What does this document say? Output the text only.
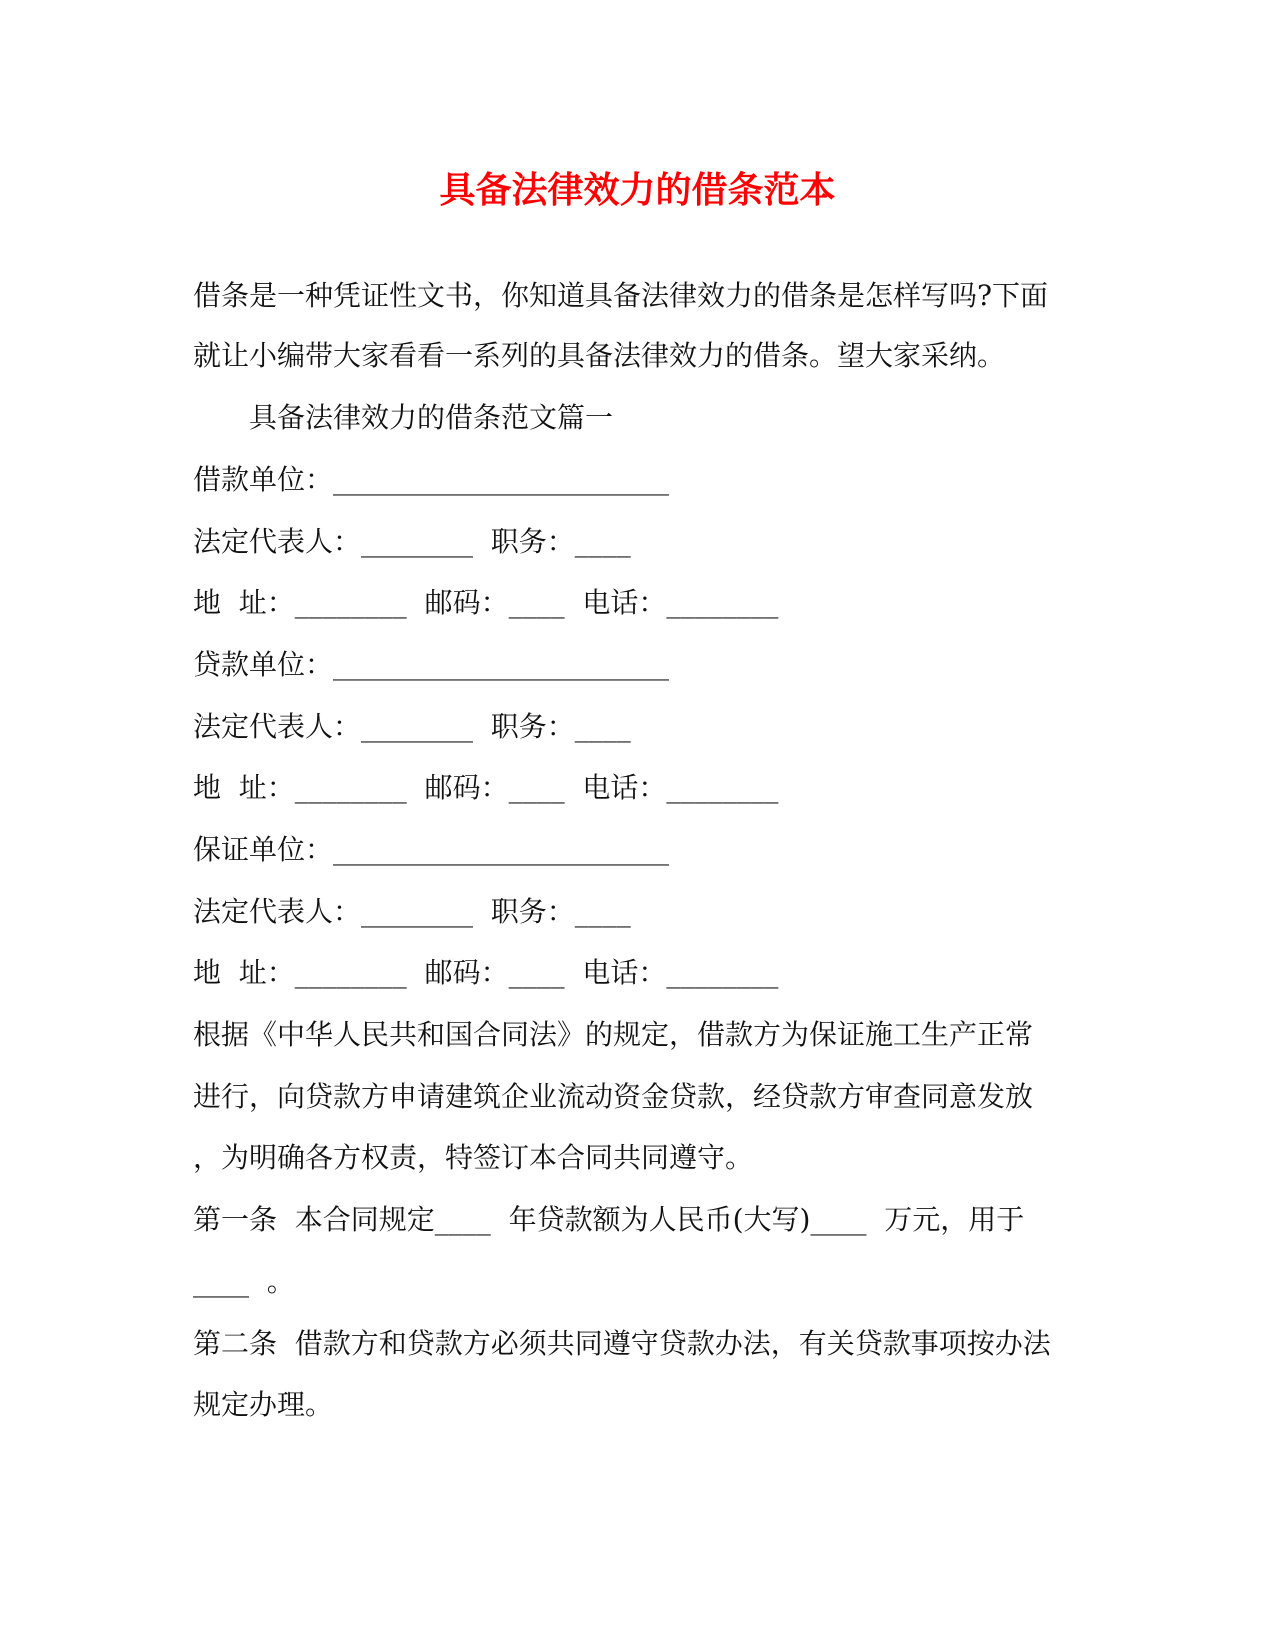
具备法律效力的借条范本
借条是一种凭证性文书，你知道具备法律效力的借条是怎样写吗?下面
就让小编带大家看看一系列的具备法律效力的借条。望大家采纳。
具备法律效力的借条范文篇一
借款单位：________________________
法定代表人：________  职务：____
地  址：________  邮码：____  电话：________
贷款单位：________________________
法定代表人：________  职务：____
地  址：________  邮码：____  电话：________
保证单位：________________________
法定代表人：________  职务：____
地  址：________  邮码：____  电话：________
根据《中华人民共和国合同法》的规定，借款方为保证施工生产正常
进行，向贷款方申请建筑企业流动资金贷款，经贷款方审查同意发放
，为明确各方权责，特签订本合同共同遵守。
第一条  本合同规定____  年贷款额为人民币(大写)____  万元，用于
____  。
第二条  借款方和贷款方必须共同遵守贷款办法，有关贷款事项按办法
规定办理。
